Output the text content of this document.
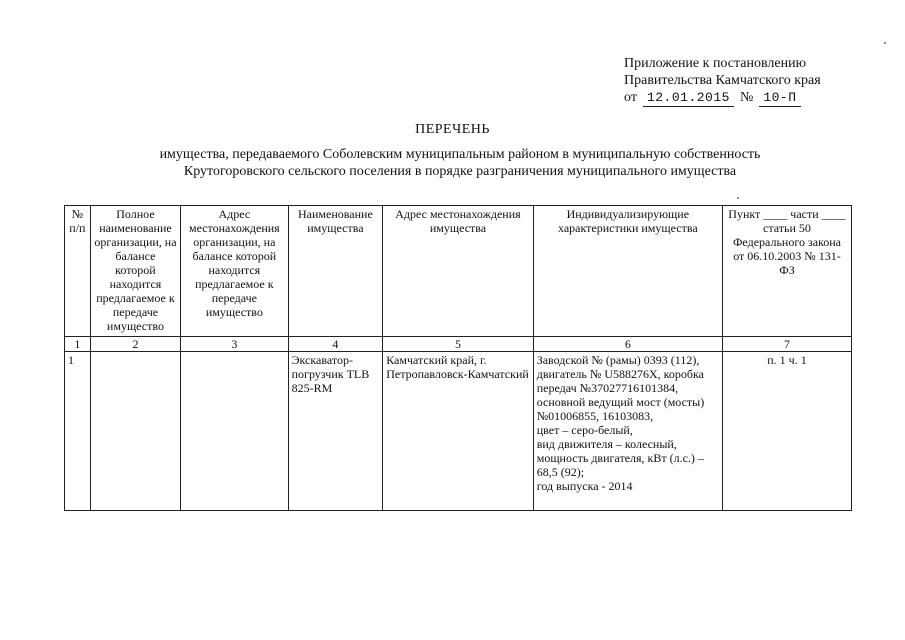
Приложение к постановлению
Правительства Камчатского края
от 12.01.2015 № 10-П
ПЕРЕЧЕНЬ
имущества, передаваемого Соболевским муниципальным районом в муниципальную собственность
Крутогоровского сельского поселения в порядке разграничения муниципального имущества
№ п/п	Полное наименование организации, на балансе которой находится предлагаемое к передаче имущество	Адрес местонахождения организации, на балансе которой находится предлагаемое к передаче имущество	Наименование имущества	Адрес местонахождения имущества	Индивидуализирующие характеристики имущества	Пункт ____ части ____ статьи 50 Федерального закона от 06.10.2003 № 131-ФЗ
1	2	3	4	5	6	7
1			Экскаватор-погрузчик TLB 825-RM	Камчатский край, г. Петропавловск-Камчатский	Заводской № (рамы) 0393 (112), двигатель № U588276X, коробка передач №37027716101384, основной ведущий мост (мосты) №01006855, 16103083,
цвет – серо-белый,
вид движителя – колесный,
мощность двигателя, кВт (л.с.) – 68,5 (92);
год выпуска - 2014	п. 1 ч. 1
